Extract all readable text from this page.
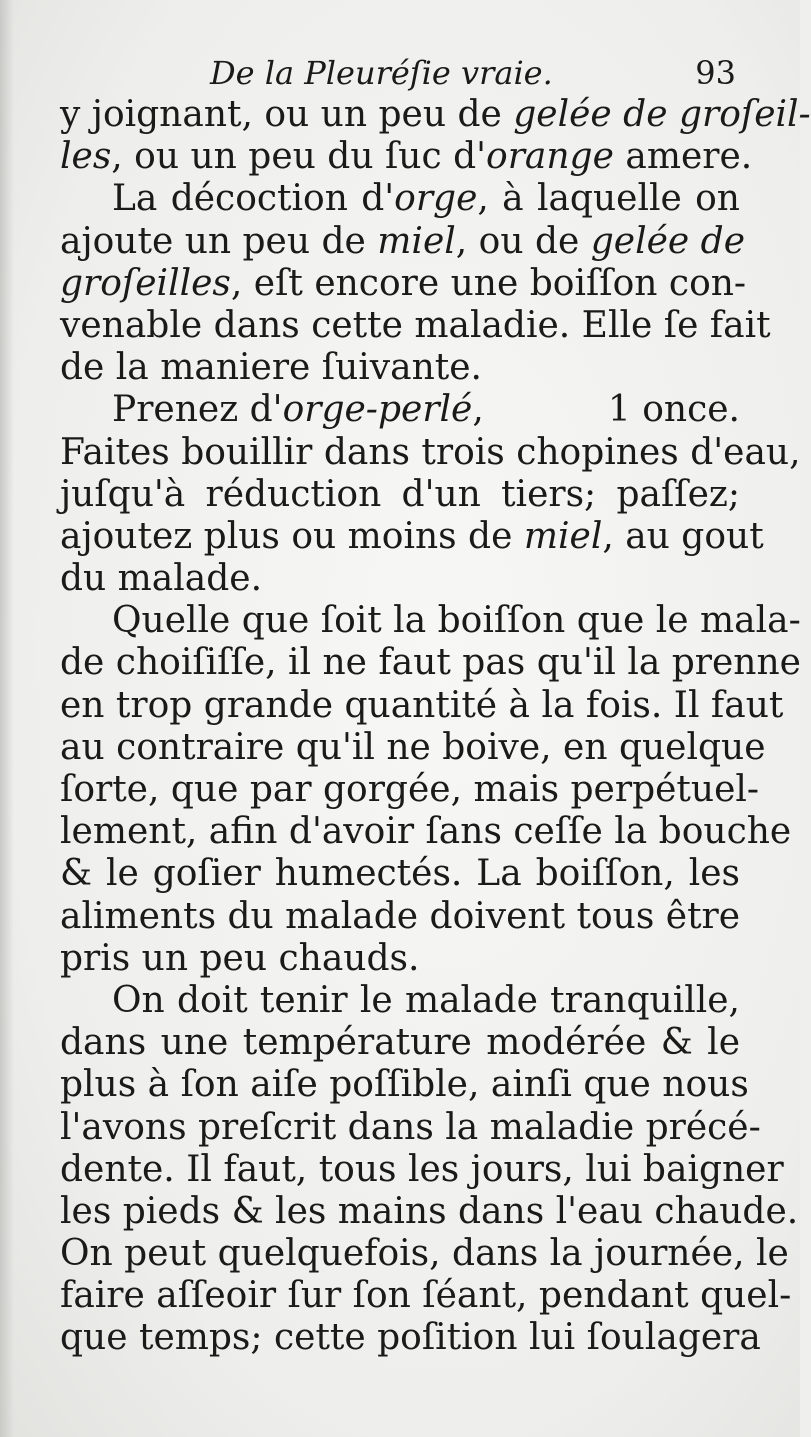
De la Pleuréſie vraie.	93
y joignant, ou un peu de gelée de groſeil-
les, ou un peu du ſuc d'orange amere.
La décoction d'orge, à laquelle on
ajoute un peu de miel, ou de gelée de
groſeilles, eſt encore une boiſſon con-
venable dans cette maladie. Elle ſe fait
de la maniere ſuivante.
Prenez d'orge-perlé,	1 once.
Faites bouillir dans trois chopines d'eau,
juſqu'à réduction d'un tiers; paſſez;
ajoutez plus ou moins de miel, au gout
du malade.
Quelle que ſoit la boiſſon que le mala-
de choiſiſſe, il ne faut pas qu'il la prenne
en trop grande quantité à la fois. Il faut
au contraire qu'il ne boive, en quelque
ſorte, que par gorgée, mais perpétuel-
lement, afin d'avoir ſans ceſſe la bouche
& le goſier humectés. La boiſſon, les
aliments du malade doivent tous être
pris un peu chauds.
On doit tenir le malade tranquille,
dans une température modérée & le
plus à ſon aiſe poſſible, ainſi que nous
l'avons preſcrit dans la maladie précé-
dente. Il faut, tous les jours, lui baigner
les pieds & les mains dans l'eau chaude.
On peut quelquefois, dans la journée, le
faire aſſeoir ſur ſon ſéant, pendant quel-
que temps; cette poſition lui ſoulagera
